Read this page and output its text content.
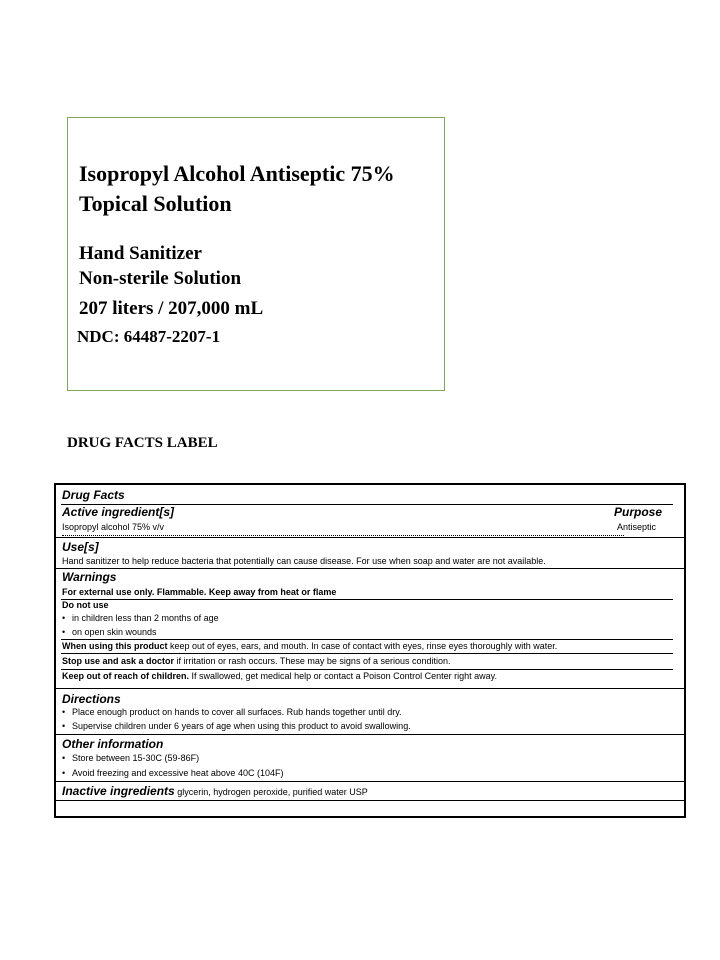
Isopropyl Alcohol Antiseptic 75%
Topical Solution
Hand Sanitizer
Non-sterile Solution
207 liters / 207,000 mL
NDC: 64487-2207-1
DRUG FACTS LABEL
Drug Facts
Active ingredient[s]	Purpose
Isopropyl alcohol 75% v/v	Antiseptic
Use[s]
Hand sanitizer to help reduce bacteria that potentially can cause disease. For use when soap and water are not available.
Warnings
For external use only. Flammable. Keep away from heat or flame
Do not use
• in children less than 2 months of age
• on open skin wounds
When using this product keep out of eyes, ears, and mouth. In case of contact with eyes, rinse eyes thoroughly with water.
Stop use and ask a doctor if irritation or rash occurs. These may be signs of a serious condition.
Keep out of reach of children. If swallowed, get medical help or contact a Poison Control Center right away.
Directions
• Place enough product on hands to cover all surfaces. Rub hands together until dry.
• Supervise children under 6 years of age when using this product to avoid swallowing.
Other information
• Store between 15-30C (59-86F)
• Avoid freezing and excessive heat above 40C (104F)
Inactive ingredients glycerin, hydrogen peroxide, purified water USP
